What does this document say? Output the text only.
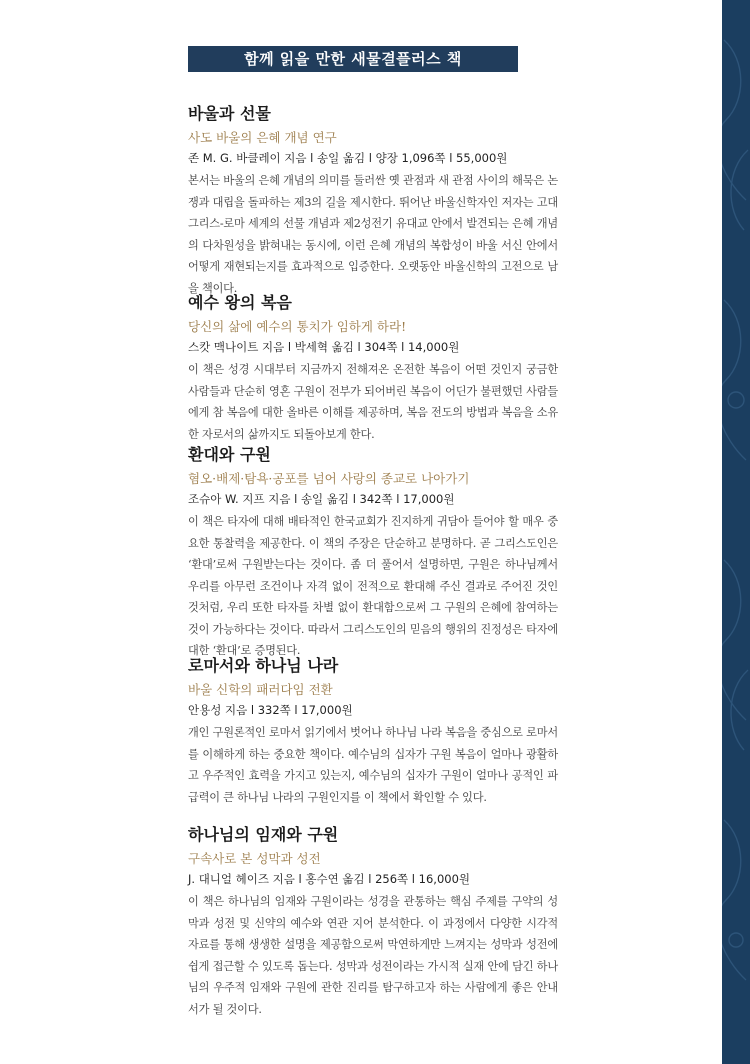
함께 읽을 만한 새물결플러스 책
바울과 선물
사도 바울의 은혜 개념 연구
존 M. G. 바클레이 지음 l 송일 옮김 l 양장 1,096쪽 l 55,000원

본서는 바울의 은혜 개념의 의미를 둘러싼 옛 관점과 새 관점 사이의 해묵은 논쟁과 대립을 돌파하는 제3의 길을 제시한다. 뛰어난 바울신학자인 저자는 고대 그리스-로마 세계의 선물 개념과 제2성전기 유대교 안에서 발견되는 은혜 개념의 다차원성을 밝혀내는 동시에, 이런 은혜 개념의 복합성이 바울 서신 안에서 어떻게 재현되는지를 효과적으로 입증한다. 오랫동안 바울신학의 고전으로 남을 책이다.

예수 왕의 복음
당신의 삶에 예수의 통치가 임하게 하라!
스캇 맥나이트 지음 l 박세혁 옮김 l 304쪽 l 14,000원

이 책은 성경 시대부터 지금까지 전해져온 온전한 복음이 어떤 것인지 궁금한 사람들과 단순히 영혼 구원이 전부가 되어버린 복음이 어딘가 불편했던 사람들에게 참 복음에 대한 올바른 이해를 제공하며, 복음 전도의 방법과 복음을 소유한 자로서의 삶까지도 되돌아보게 한다.

환대와 구원
혐오·배제·탐욕·공포를 넘어 사랑의 종교로 나아가기
조슈아 W. 지프 지음 l 송일 옮김 l 342쪽 l 17,000원

이 책은 타자에 대해 배타적인 한국교회가 진지하게 귀담아 들어야 할 매우 중요한 통찰력을 제공한다. 이 책의 주장은 단순하고 분명하다. 곧 그리스도인은 ‘환대’로써 구원받는다는 것이다. 좀 더 풀어서 설명하면, 구원은 하나님께서 우리를 아무런 조건이나 자격 없이 전적으로 환대해 주신 결과로 주어진 것인 것처럼, 우리 또한 타자를 차별 없이 환대함으로써 그 구원의 은혜에 참여하는 것이 가능하다는 것이다. 따라서 그리스도인의 믿음의 행위의 진정성은 타자에 대한 ‘환대’로 증명된다.

로마서와 하나님 나라
바울 신학의 패러다임 전환
안용성 지음 l 332쪽 l 17,000원

개인 구원론적인 로마서 읽기에서 벗어나 하나님 나라 복음을 중심으로 로마서를 이해하게 하는 중요한 책이다. 예수님의 십자가 구원 복음이 얼마나 광활하고 우주적인 효력을 가지고 있는지, 예수님의 십자가 구원이 얼마나 공적인 파급력이 큰 하나님 나라의 구원인지를 이 책에서 확인할 수 있다.

하나님의 임재와 구원
구속사로 본 성막과 성전
J. 대니얼 헤이즈 지음 l 홍수연 옮김 l 256쪽 l 16,000원

이 책은 하나님의 임재와 구원이라는 성경을 관통하는 핵심 주제를 구약의 성막과 성전 및 신약의 예수와 연관 지어 분석한다. 이 과정에서 다양한 시각적 자료를 통해 생생한 설명을 제공함으로써 막연하게만 느껴지는 성막과 성전에 쉽게 접근할 수 있도록 돕는다. 성막과 성전이라는 가시적 실재 안에 담긴 하나님의 우주적 임재와 구원에 관한 진리를 탐구하고자 하는 사람에게 좋은 안내서가 될 것이다.
